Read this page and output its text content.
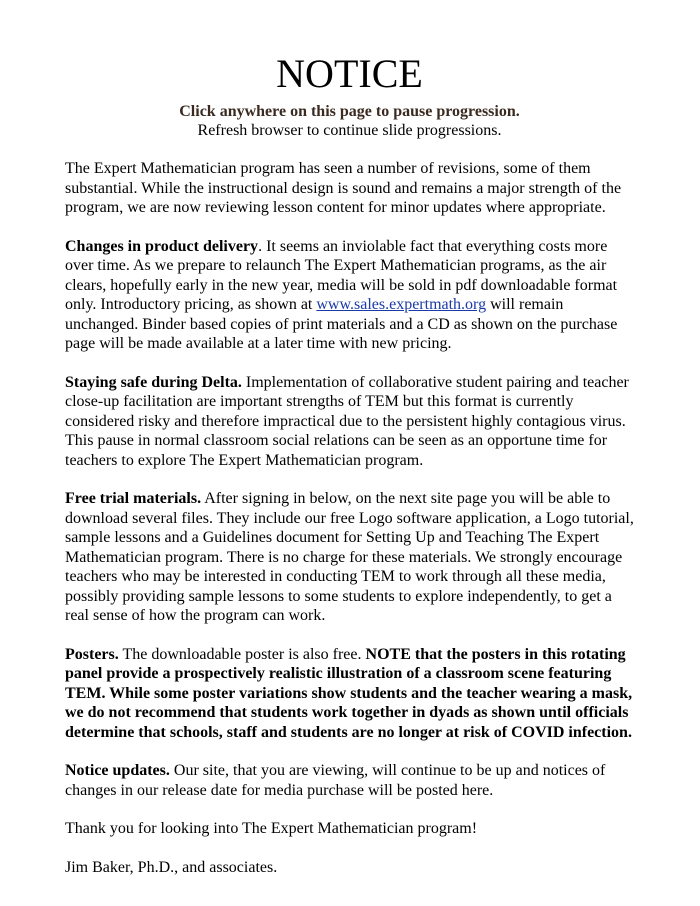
NOTICE
Click anywhere on this page to pause progression.
Refresh browser to continue slide progressions.

The Expert Mathematician program has seen a number of revisions, some of them substantial. While the instructional design is sound and remains a major strength of the program, we are now reviewing lesson content for minor updates where appropriate.

Changes in product delivery. It seems an inviolable fact that everything costs more over time. As we prepare to relaunch The Expert Mathematician programs, as the air clears, hopefully early in the new year, media will be sold in pdf downloadable format only. Introductory pricing, as shown at www.sales.expertmath.org will remain unchanged. Binder based copies of print materials and a CD as shown on the purchase page will be made available at a later time with new pricing.

Staying safe during Delta. Implementation of collaborative student pairing and teacher close-up facilitation are important strengths of TEM but this format is currently considered risky and therefore impractical due to the persistent highly contagious virus. This pause in normal classroom social relations can be seen as an opportune time for teachers to explore The Expert Mathematician program.

Free trial materials. After signing in below, on the next site page you will be able to download several files. They include our free Logo software application, a Logo tutorial, sample lessons and a Guidelines document for Setting Up and Teaching The Expert Mathematician program. There is no charge for these materials. We strongly encourage teachers who may be interested in conducting TEM to work through all these media, possibly providing sample lessons to some students to explore independently, to get a real sense of how the program can work.

Posters. The downloadable poster is also free. NOTE that the posters in this rotating panel provide a prospectively realistic illustration of a classroom scene featuring TEM. While some poster variations show students and the teacher wearing a mask, we do not recommend that students work together in dyads as shown until officials determine that schools, staff and students are no longer at risk of COVID infection.

Notice updates. Our site, that you are viewing, will continue to be up and notices of changes in our release date for media purchase will be posted here.

Thank you for looking into The Expert Mathematician program!

Jim Baker, Ph.D., and associates.
